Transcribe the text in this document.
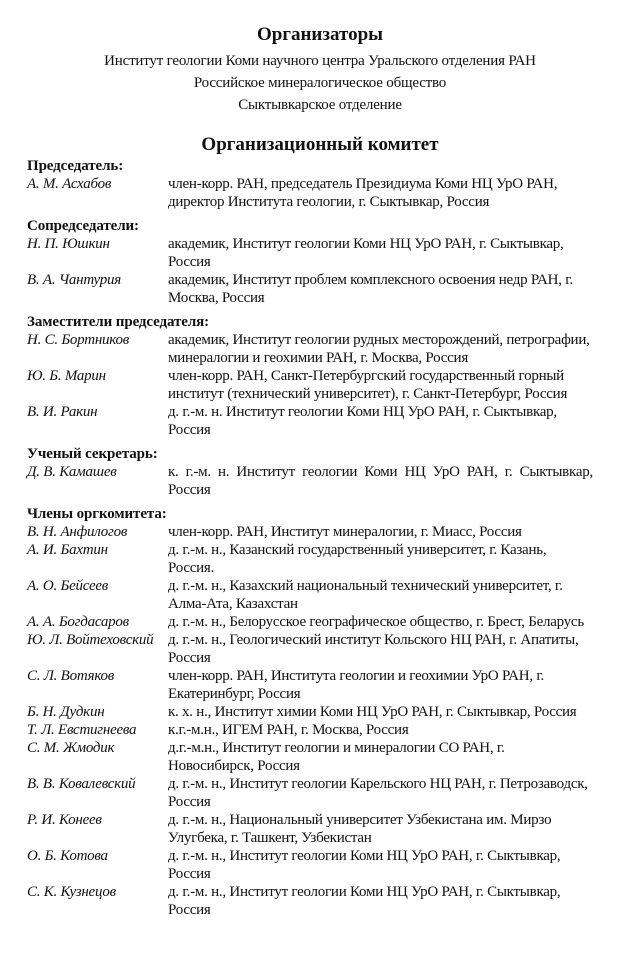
Организаторы
Институт геологии Коми научного центра Уральского отделения РАН
Российское минералогическое общество
Сыктывкарское отделение
Организационный комитет
Председатель:
А. М. Асхабов	член-корр. РАН, председатель Президиума Коми НЦ УрО РАН, директор Института геологии, г. Сыктывкар, Россия
Сопредседатели:
Н. П. Юшкин	академик, Институт геологии Коми НЦ УрО РАН, г. Сыктывкар, Россия
В. А. Чантурия	академик, Институт проблем комплексного освоения недр РАН, г. Москва, Россия
Заместители председателя:
Н. С. Бортников	академик, Институт геологии рудных месторождений, петрографии, минералогии и геохимии РАН, г. Москва, Россия
Ю. Б. Марин	член-корр. РАН, Санкт-Петербургский государственный горный институт (технический университет), г. Санкт-Петербург, Россия
В. И. Ракин	д. г.-м. н. Институт геологии Коми НЦ УрО РАН, г. Сыктывкар, Россия
Ученый секретарь:
Д. В. Камашев	к. г.-м. н. Институт геологии Коми НЦ УрО РАН, г. Сыктывкар, Россия
Члены оргкомитета:
В. Н. Анфилогов	член-корр. РАН, Институт минералогии, г. Миасс, Россия
А. И. Бахтин	д. г.-м. н., Казанский государственный университет, г. Казань, Россия.
А. О. Бейсеев	д. г.-м. н., Казахский национальный технический университет, г. Алма-Ата, Казахстан
А. А. Богдасаров	д. г.-м. н., Белорусское географическое общество, г. Брест, Беларусь
Ю. Л. Войтеховский д. г.-м. н., Геологический институт Кольского НЦ РАН, г. Апатиты, Россия
С. Л. Вотяков	член-корр. РАН, Института геологии и геохимии УрО РАН, г. Екатеринбург, Россия
Б. Н. Дудкин	к. х. н., Институт химии Коми НЦ УрО РАН, г. Сыктывкар, Россия
Т. Л. Евстигнеева	к.г.-м.н., ИГЕМ РАН, г. Москва, Россия
С. М. Жмодик	д.г.-м.н., Институт геологии и минералогии СО РАН, г. Новосибирск, Россия
В. В. Ковалевский	д. г.-м. н., Институт геологии Карельского НЦ РАН, г. Петрозаводск, Россия
Р. И. Конеев	д. г.-м. н., Национальный университет Узбекистана им. Мирзо Улугбека, г. Ташкент, Узбекистан
О. Б. Котова	д. г.-м. н., Институт геологии Коми НЦ УрО РАН, г. Сыктывкар, Россия
С. К. Кузнецов	д. г.-м. н., Институт геологии Коми НЦ УрО РАН, г. Сыктывкар, Россия
